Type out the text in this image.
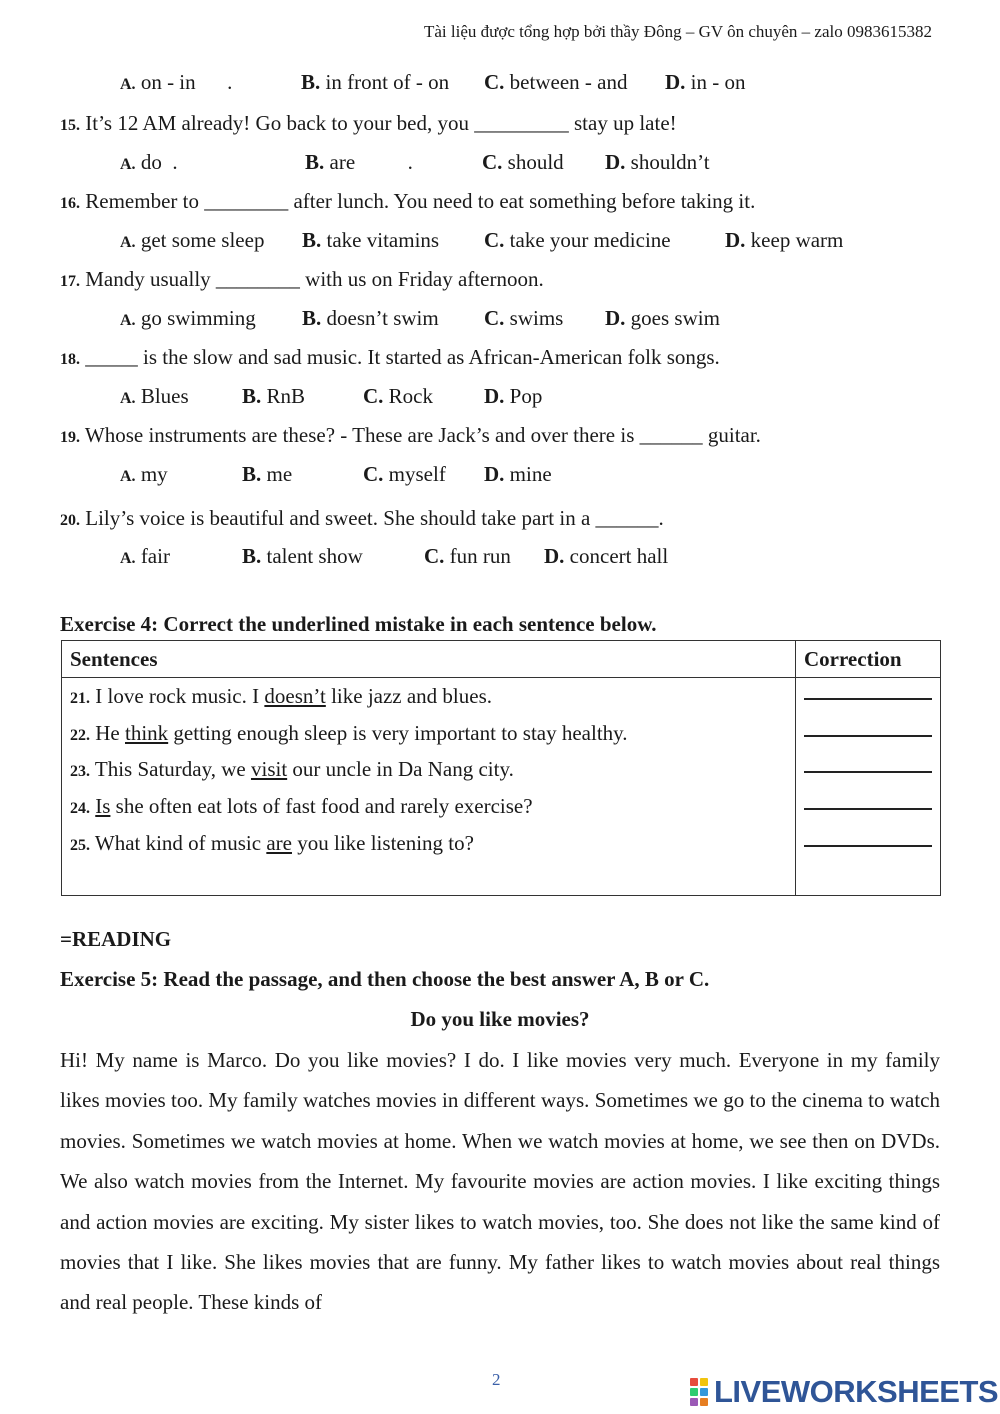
Tài liệu được tổng hợp bởi thầy Đông – GV ôn chuyên – zalo 0983615382

A. on - in      .

	B. in front of - on

C. between - and

D. in - on

15. It’s 12 AM already! Go back to your bed, you _________ stay up late!

A. do  .

	B. are          .

	C. should

D. shouldn’t

16. Remember to ________ after lunch. You need to eat something before taking it.

A. get some sleep

B. take vitamins

C. take your medicine

	D. keep warm

17. Mandy usually ________ with us on Friday afternoon.

A. go swimming

B. doesn’t swim

C. swims

D. goes swim

18. _____ is the slow and sad music. It started as African-American folk songs.

A. Blues

	B. RnB

	C. Rock

D. Pop

19. Whose instruments are these? - These are Jack’s and over there is ______ guitar.

A. my

	B. me

	C. myself

D. mine

20. Lily’s voice is beautiful and sweet. She should take part in a ______.

A. fair

	B. talent show

	C. fun run

D. concert hall

Exercise 4: Correct the underlined mistake in each sentence below.
Sentences	Correction

21. I love rock music. I doesn’t like jazz and blues.
22. He think getting enough sleep is very important to stay healthy.
23. This Saturday, we visit our uncle in Da Nang city.
24. Is she often eat lots of fast food and rarely exercise?
25. What kind of music are you like listening to?	

=READING
Exercise 5: Read the passage, and then choose the best answer A, B or C.
Do you like movies?
Hi! My name is Marco. Do you like movies? I do. I like movies very much. Everyone in my family likes movies too. My family watches movies in different ways. Sometimes we go to the cinema to watch movies. Sometimes we watch movies at home. When we watch movies at home, we see then on DVDs. We also watch movies from the Internet. My favourite movies are action movies. I like exciting things and action movies are exciting. My sister likes to watch movies, too. She does not like the same kind of movies that I like. She likes movies that are funny. My father likes to watch movies about real things and real people. These kinds of
2	LIVEWORKSHEETS
